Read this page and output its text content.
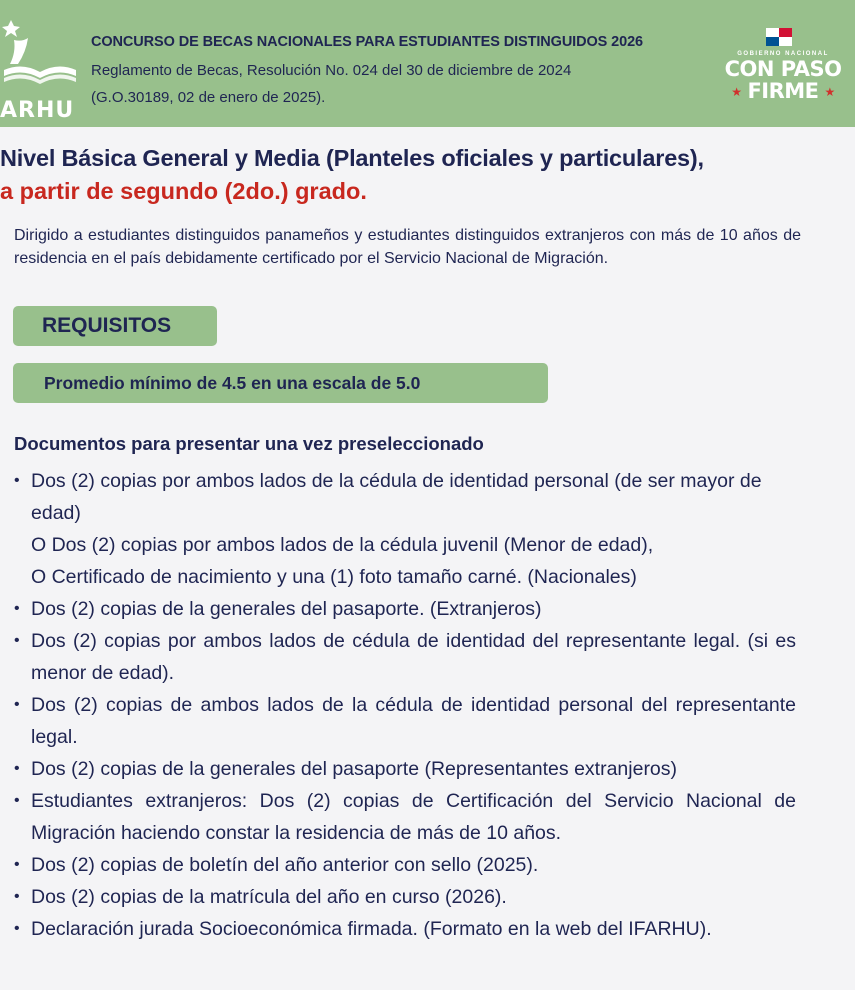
ARHU
CONCURSO DE BECAS NACIONALES PARA ESTUDIANTES DISTINGUIDOS 2026
Reglamento de Becas, Resolución No. 024 del 30 de diciembre de 2024
(G.O.30189, 02 de enero de 2025).
GOBIERNO NACIONAL
CON PASO
★ FIRME ★
Nivel Básica General y Media (Planteles oficiales y particulares),
a partir de segundo (2do.) grado.
Dirigido a estudiantes distinguidos panameños y estudiantes distinguidos extranjeros con más de 10 años de residencia en el país debidamente certificado por el Servicio Nacional de Migración.
REQUISITOS
Promedio mínimo de 4.5 en una escala de 5.0
Documentos para presentar una vez preseleccionado
• Dos (2) copias por ambos lados de la cédula de identidad personal (de ser mayor de edad)
O Dos (2) copias por ambos lados de la cédula juvenil (Menor de edad),
O Certificado de nacimiento y una (1) foto tamaño carné. (Nacionales)
• Dos (2) copias de la generales del pasaporte. (Extranjeros)
• Dos (2) copias por ambos lados de cédula de identidad del representante legal. (si es menor de edad).
• Dos (2) copias de ambos lados de la cédula de identidad personal del representante legal.
• Dos (2) copias de la generales del pasaporte (Representantes extranjeros)
• Estudiantes extranjeros: Dos (2) copias de Certificación del Servicio Nacional de Migración haciendo constar la residencia de más de 10 años.
• Dos (2) copias de boletín del año anterior con sello (2025).
• Dos (2) copias de la matrícula del año en curso (2026).
• Declaración jurada Socioeconómica firmada. (Formato en la web del IFARHU).
